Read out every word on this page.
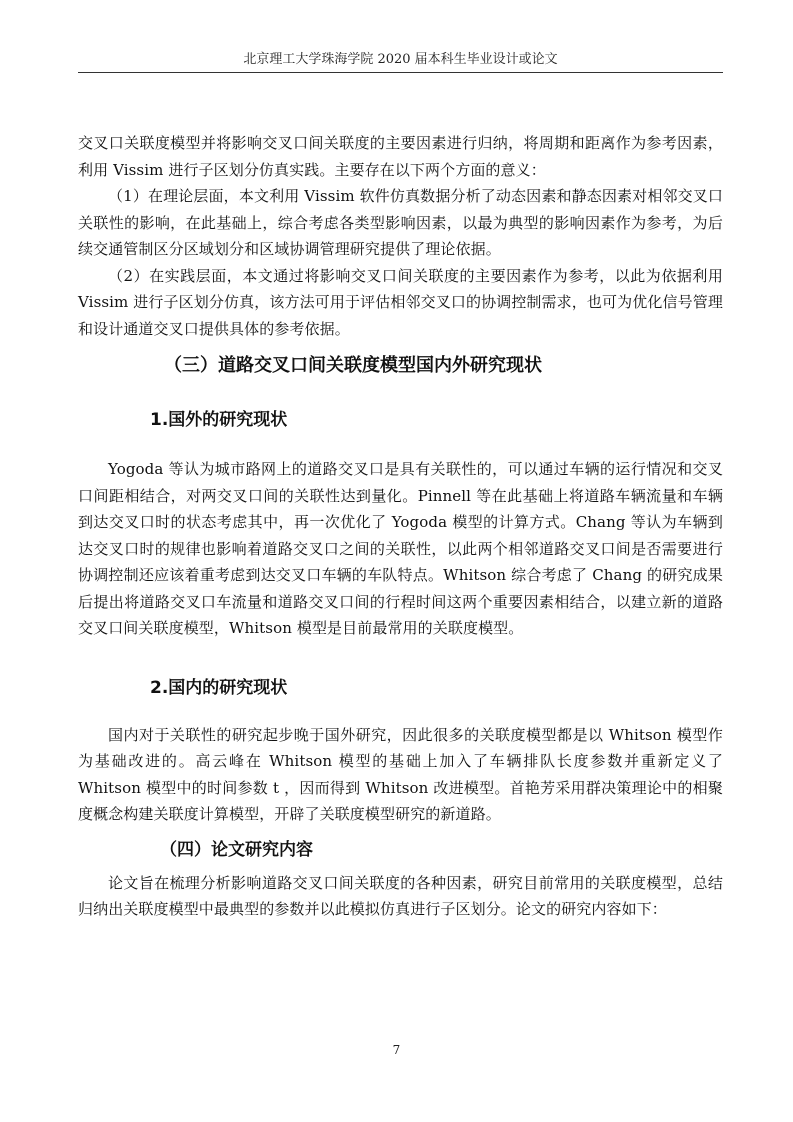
北京理工大学珠海学院 2020 届本科生毕业设计或论文

交叉口关联度模型并将影响交叉口间关联度的主要因素进行归纳，将周期和距离作为参考因素，利用 Vissim 进行子区划分仿真实践。主要存在以下两个方面的意义：

（1）在理论层面，本文利用 Vissim 软件仿真数据分析了动态因素和静态因素对相邻交叉口关联性的影响，在此基础上，综合考虑各类型影响因素，以最为典型的影响因素作为参考，为后续交通管制区分区域划分和区域协调管理研究提供了理论依据。

（2）在实践层面，本文通过将影响交叉口间关联度的主要因素作为参考，以此为依据利用 Vissim 进行子区划分仿真，该方法可用于评估相邻交叉口的协调控制需求，也可为优化信号管理和设计通道交叉口提供具体的参考依据。

（三）道路交叉口间关联度模型国内外研究现状
1.国外的研究现状

Yogoda 等认为城市路网上的道路交叉口是具有关联性的，可以通过车辆的运行情况和交叉口间距相结合，对两交叉口间的关联性达到量化。Pinnell 等在此基础上将道路车辆流量和车辆到达交叉口时的状态考虑其中，再一次优化了 Yogoda 模型的计算方式。Chang 等认为车辆到达交叉口时的规律也影响着道路交叉口之间的关联性，以此两个相邻道路交叉口间是否需要进行协调控制还应该着重考虑到达交叉口车辆的车队特点。Whitson 综合考虑了 Chang 的研究成果后提出将道路交叉口车流量和道路交叉口间的行程时间这两个重要因素相结合，以建立新的道路交叉口间关联度模型，Whitson 模型是目前最常用的关联度模型。

2.国内的研究现状

国内对于关联性的研究起步晚于国外研究，因此很多的关联度模型都是以 Whitson 模型作为基础改进的。高云峰在 Whitson 模型的基础上加入了车辆排队长度参数并重新定义了 Whitson 模型中的时间参数 t ，因而得到 Whitson 改进模型。首艳芳采用群决策理论中的相聚度概念构建关联度计算模型，开辟了关联度模型研究的新道路。

（四）论文研究内容

论文旨在梳理分析影响道路交叉口间关联度的各种因素，研究目前常用的关联度模型，总结归纳出关联度模型中最典型的参数并以此模拟仿真进行子区划分。论文的研究内容如下：

7
